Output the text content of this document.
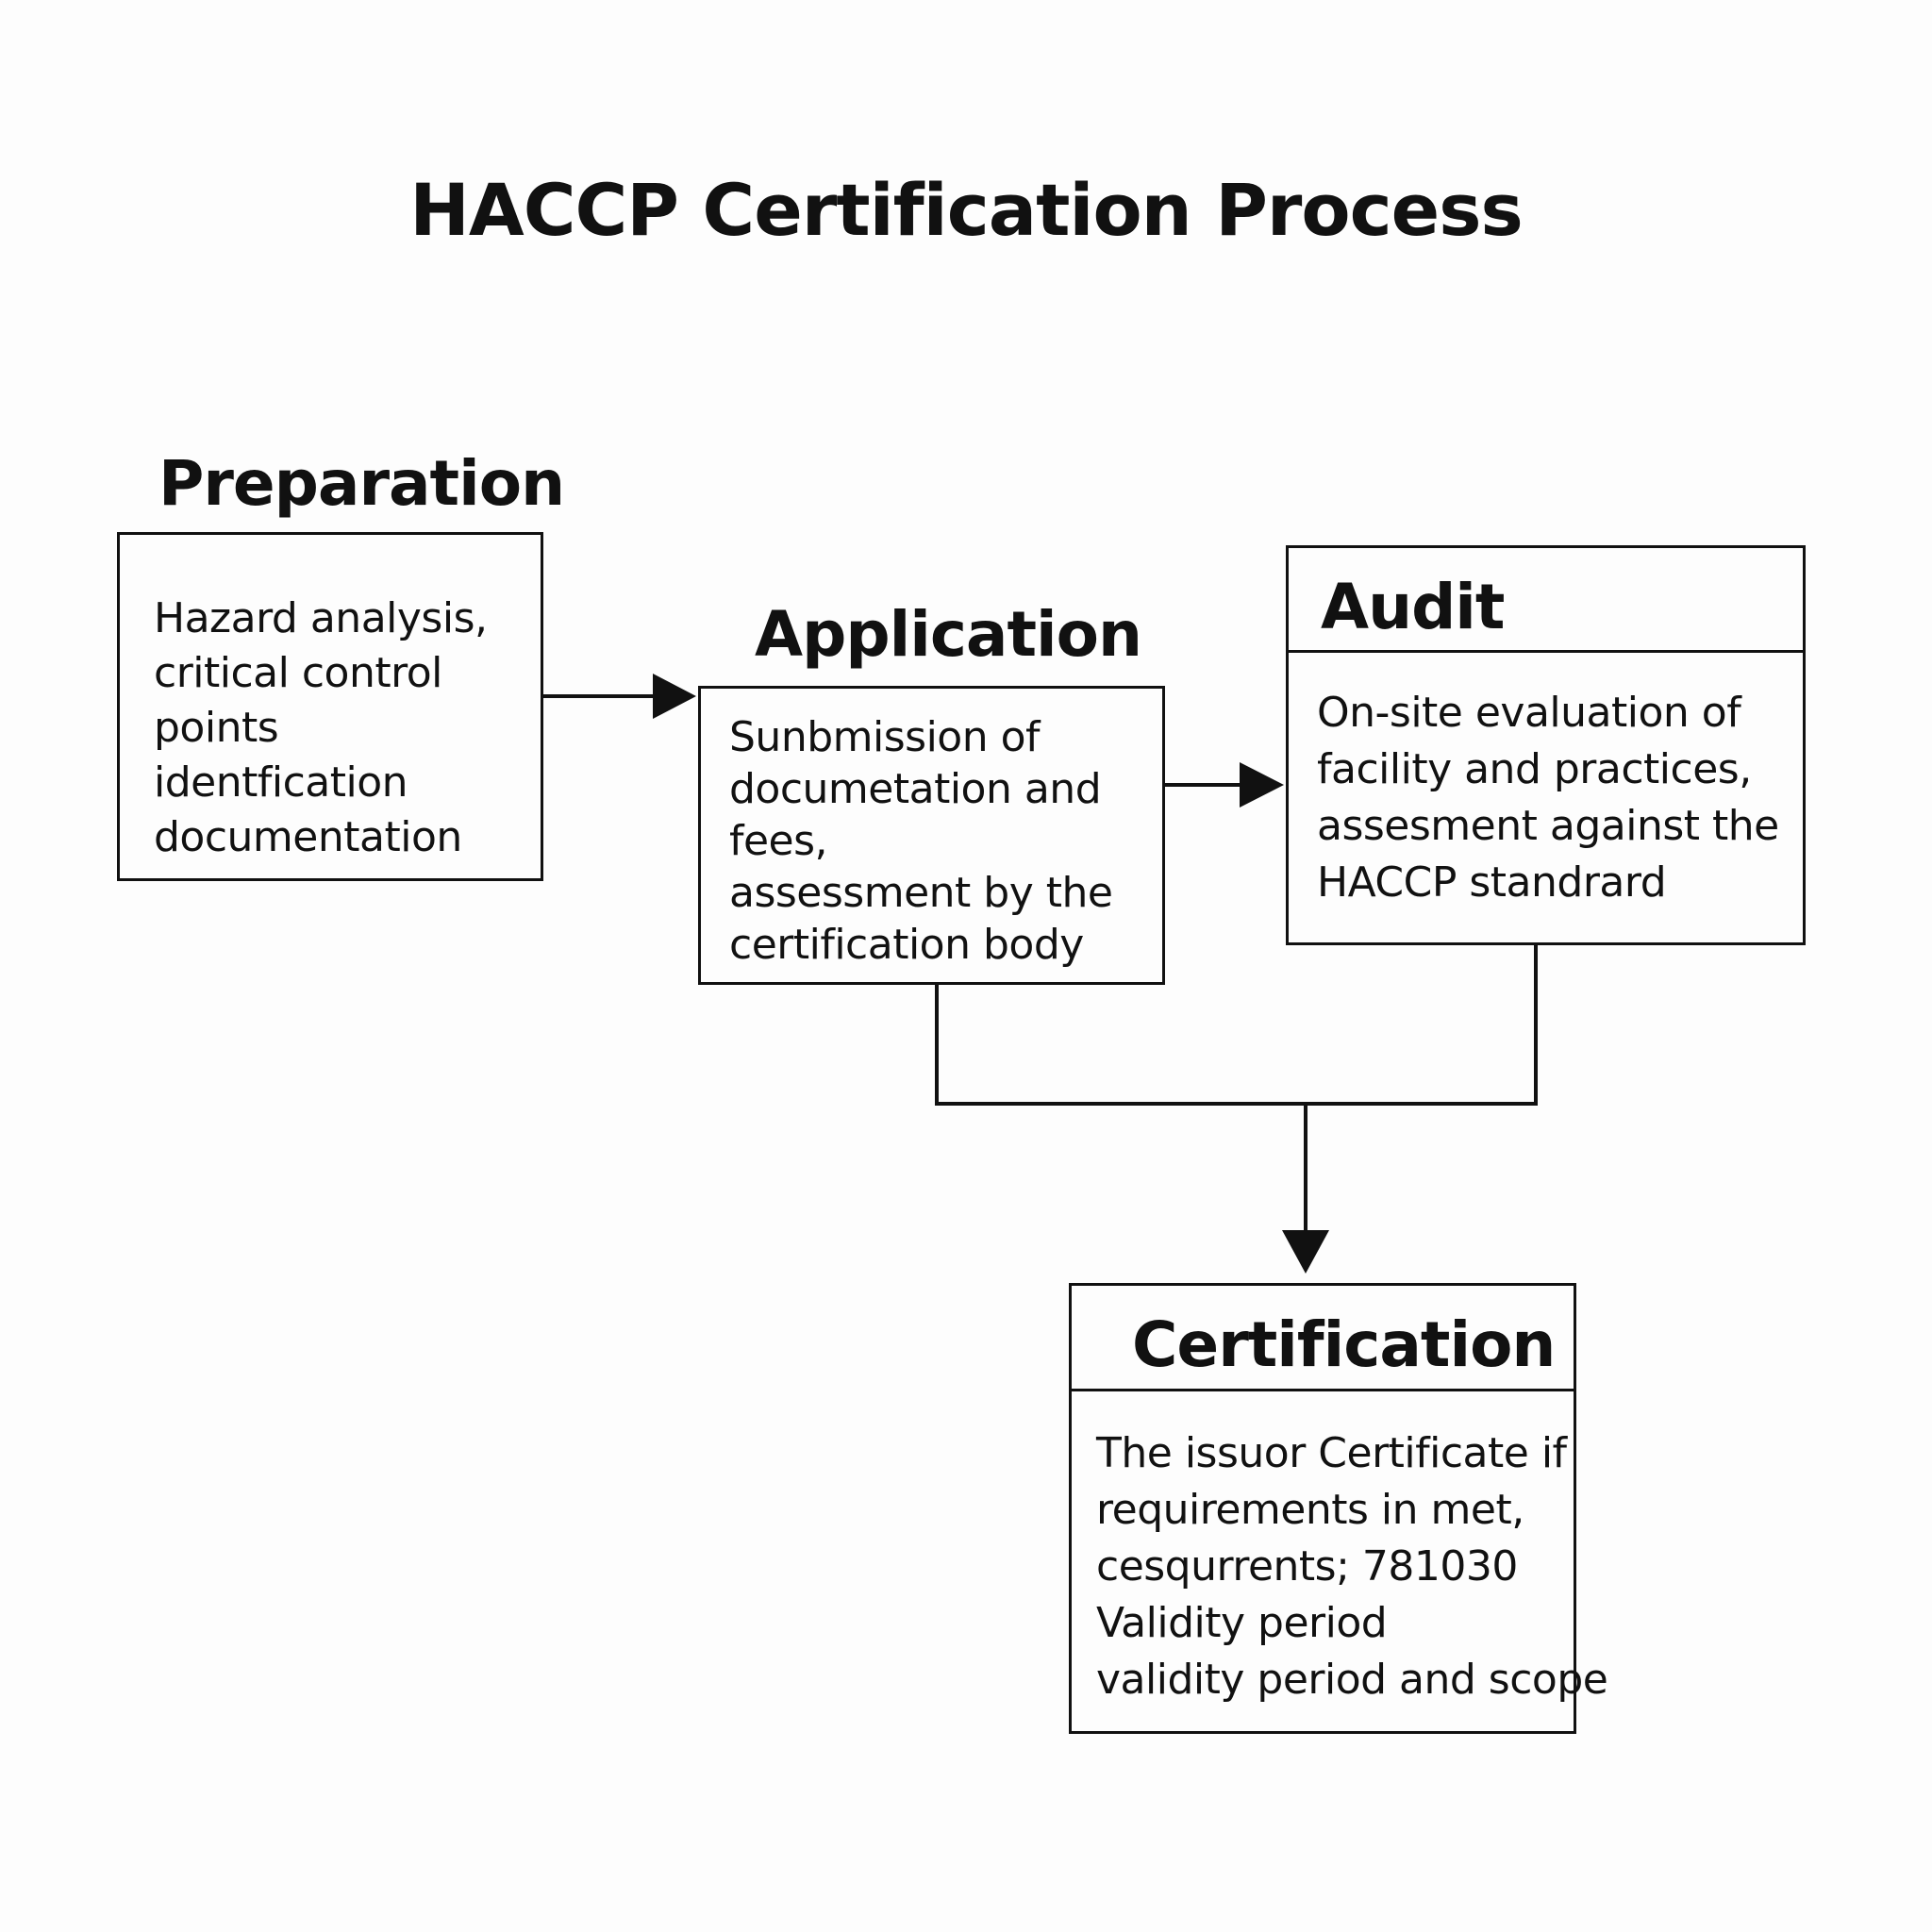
HACCP Certification Process
Preparation
Hazard analysis,
critical control
points identfication
documentation
Application
Sunbmission of
documetation and
fees,
assessment by the
certification body
Audit
On-site evaluation of
facility and practices,
assesment against the
HACCP standrard
Certification
The issuor Certificate if
requirements in met,
cesqurrents; 781030
Validity period
validity period and scope
